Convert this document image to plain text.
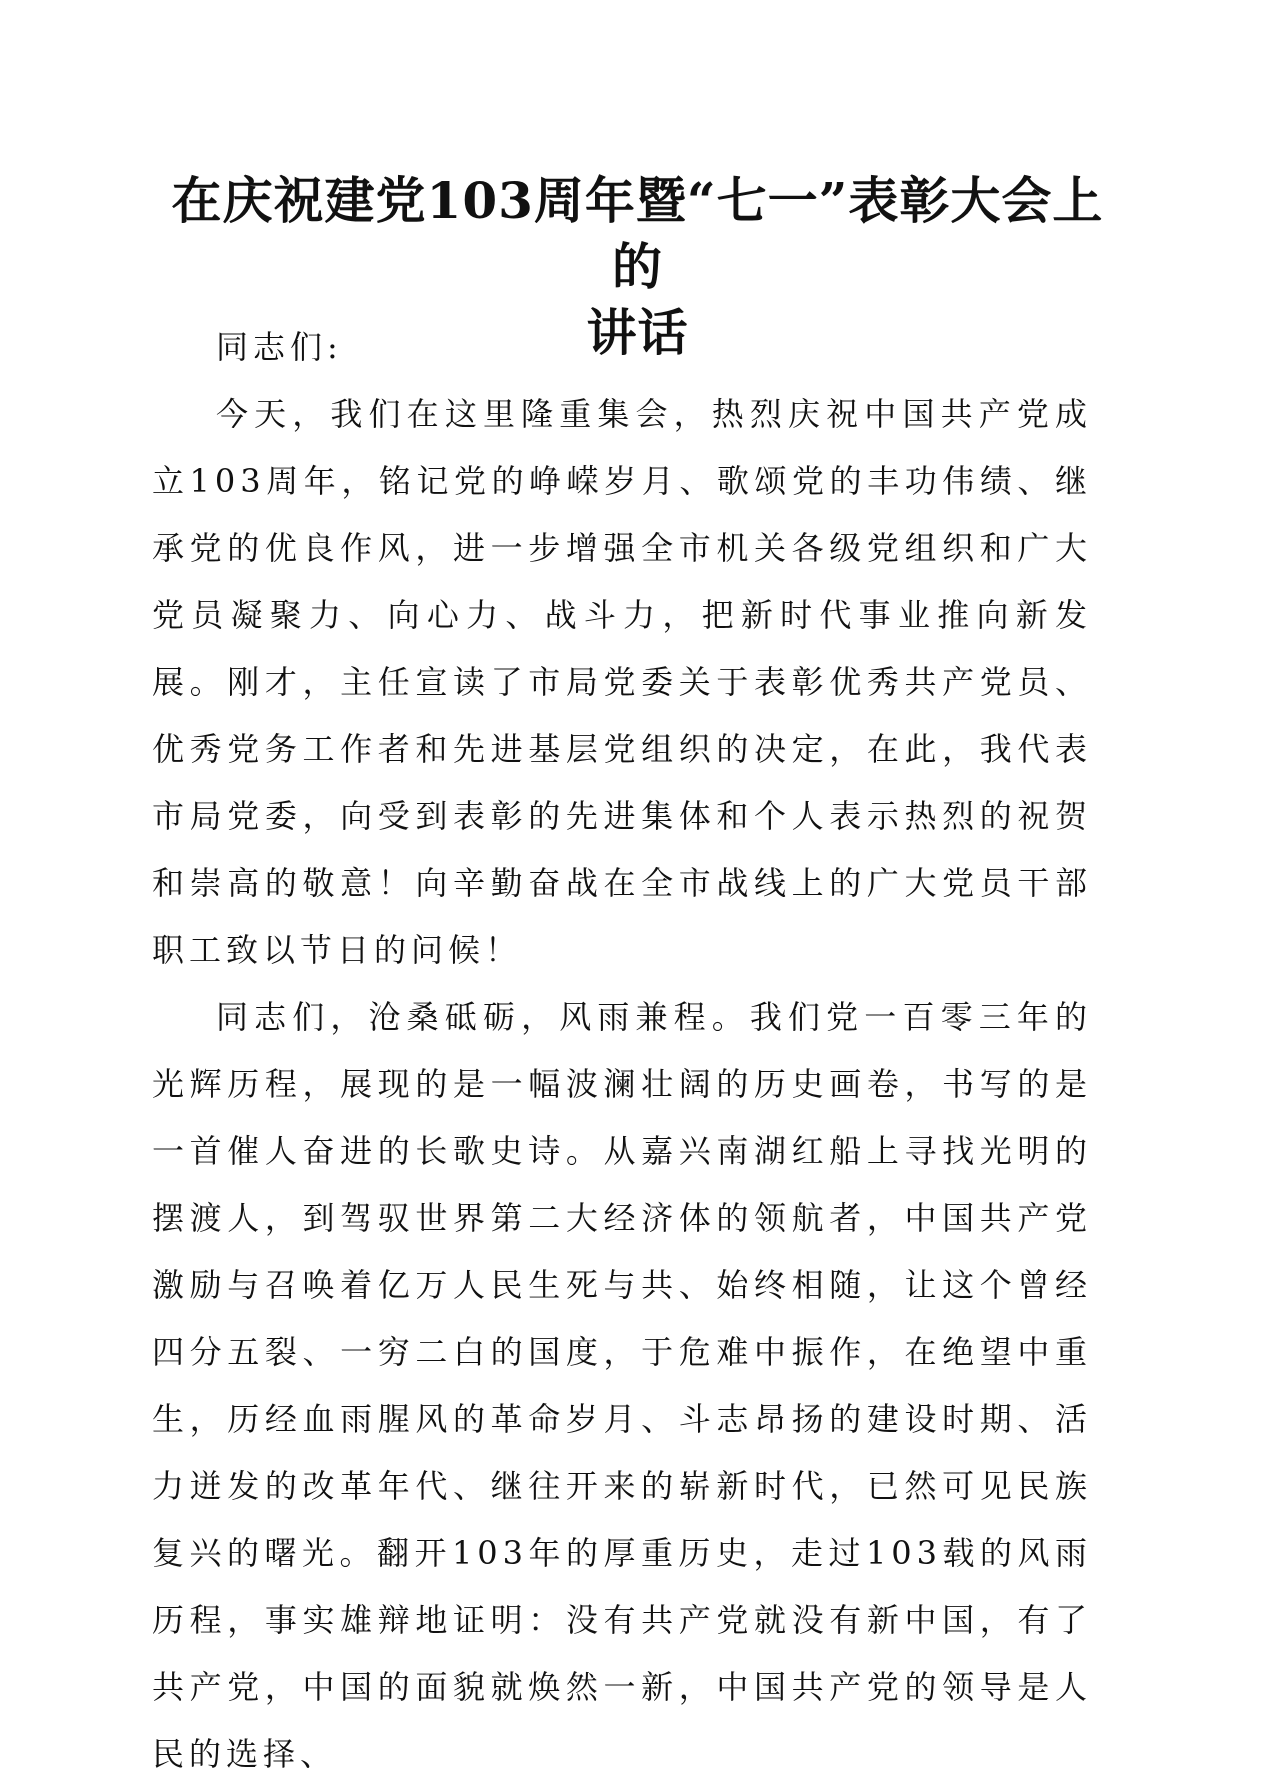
在庆祝建党103周年暨“七一”表彰大会上的
讲话

同志们:

今天，我们在这里隆重集会，热烈庆祝中国共产党成立103周年，铭记党的峥嵘岁月、歌颂党的丰功伟绩、继承党的优良作风，进一步增强全市机关各级党组织和广大党员凝聚力、向心力、战斗力，把新时代事业推向新发展。刚才，主任宣读了市局党委关于表彰优秀共产党员、优秀党务工作者和先进基层党组织的决定，在此，我代表市局党委，向受到表彰的先进集体和个人表示热烈的祝贺和崇高的敬意！向辛勤奋战在全市战线上的广大党员干部职工致以节日的问候！

同志们，沧桑砥砺，风雨兼程。我们党一百零三年的光辉历程，展现的是一幅波澜壮阔的历史画卷，书写的是一首催人奋进的长歌史诗。从嘉兴南湖红船上寻找光明的摆渡人，到驾驭世界第二大经济体的领航者，中国共产党激励与召唤着亿万人民生死与共、始终相随，让这个曾经四分五裂、一穷二白的国度，于危难中振作，在绝望中重生，历经血雨腥风的革命岁月、斗志昂扬的建设时期、活力迸发的改革年代、继往开来的崭新时代，已然可见民族复兴的曙光。翻开103年的厚重历史，走过103载的风雨历程，事实雄辩地证明：没有共产党就没有新中国，有了共产党，中国的面貌就焕然一新，中国共产党的领导是人民的选择、
